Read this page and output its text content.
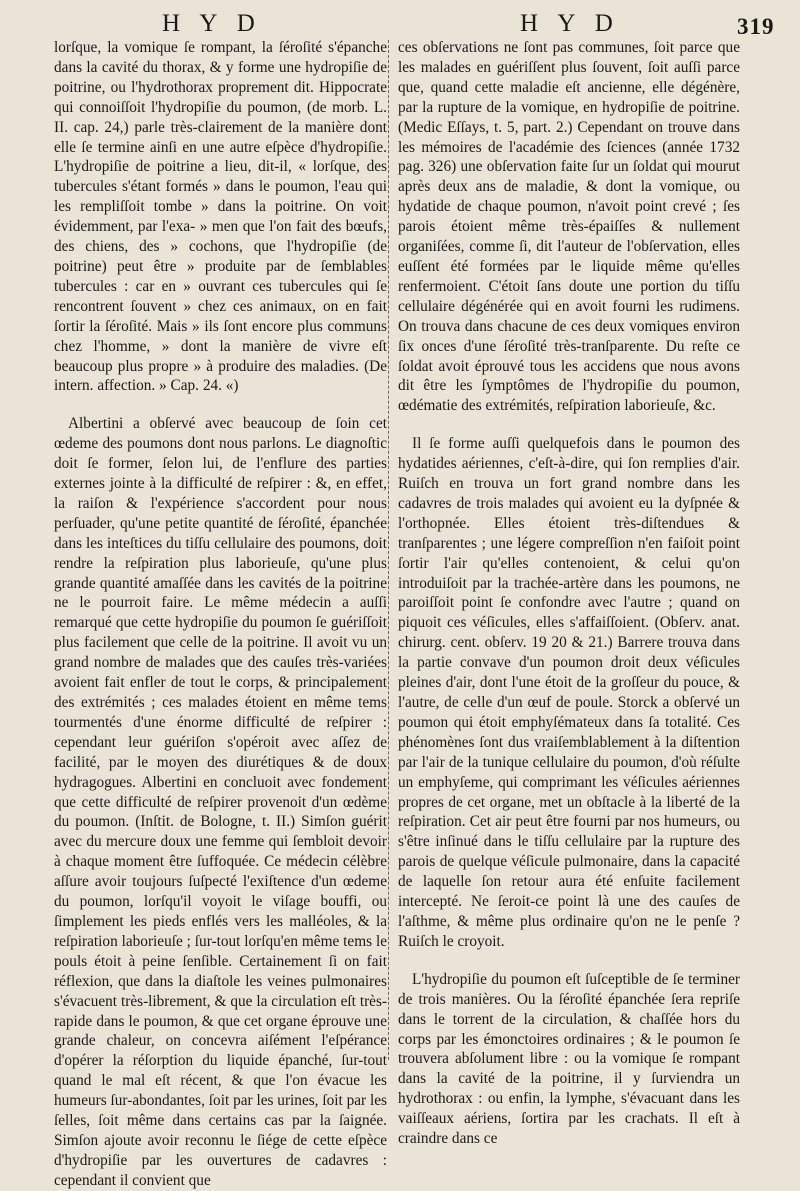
H Y D	H Y D	319

lorſque, la vomique ſe rompant, la ſéroſité s'épanche dans la cavité du thorax, & y forme une hydropiſie de poitrine, ou l'hydrothorax proprement dit. Hippocrate qui connoiſſoit l'hydropiſie du poumon, (de morb. L. II. cap. 24,) parle très-clairement de la manière dont elle ſe termine ainſi en une autre eſpèce d'hydropiſie. L'hydropiſie de poitrine a lieu, dit-il, « lorſque, des tubercules s'étant formés » dans le poumon, l'eau qui les rempliſſoit tombe » dans la poitrine. On voit évidemment, par l'exa- » men que l'on fait des bœufs, des chiens, des » cochons, que l'hydropiſie (de poitrine) peut être » produite par de ſemblables tubercules : car en » ouvrant ces tubercules qui ſe rencontrent ſouvent » chez ces animaux, on en fait ſortir la ſéroſité. Mais » ils ſont encore plus communs chez l'homme, » dont la manière de vivre eſt beaucoup plus propre » à produire des maladies. (De intern. affection. » Cap. 24. «)

Albertini a obſervé avec beaucoup de ſoin cet œdeme des poumons dont nous parlons. Le diagnoſtic doit ſe former, ſelon lui, de l'enflure des parties externes jointe à la difficulté de reſpirer : &, en effet, la raiſon & l'expérience s'accordent pour nous perſuader, qu'une petite quantité de ſéroſité, épanchée dans les inteſtices du tiſſu cellulaire des poumons, doit rendre la reſpiration plus laborieuſe, qu'une plus grande quantité amaſſée dans les cavités de la poitrine ne le pourroit faire. Le même médecin a auſſi remarqué que cette hydropiſie du poumon ſe guériſſoit plus facilement que celle de la poitrine. Il avoit vu un grand nombre de malades que des cauſes très-variées avoient fait enfler de tout le corps, & principalement des extrémités ; ces malades étoient en même tems tourmentés d'une énorme difficulté de reſpirer : cependant leur guériſon s'opéroit avec aſſez de facilité, par le moyen des diurétiques & de doux hydragogues. Albertini en concluoit avec fondement que cette difficulté de reſpirer provenoit d'un œdème du poumon. (Inſtit. de Bologne, t. II.) Simſon guérit avec du mercure doux une femme qui ſembloit devoir à chaque moment être ſuffoquée. Ce médecin célèbre aſſure avoir toujours ſuſpecté l'exiſtence d'un œdeme du poumon, lorſqu'il voyoit le viſage bouffi, ou ſimplement les pieds enflés vers les malléoles, & la reſpiration laborieuſe ; ſur-tout lorſqu'en même tems le pouls étoit à peine ſenſible. Certainement ſi on fait réflexion, que dans la diaſtole les veines pulmonaires s'évacuent très-librement, & que la circulation eſt très-rapide dans le poumon, & que cet organe éprouve une grande chaleur, on concevra aiſément l'eſpérance d'opérer la réſorption du liquide épanché, ſur-tout quand le mal eſt récent, & que l'on évacue les humeurs ſur-abondantes, ſoit par les urines, ſoit par les ſelles, ſoit même dans certains cas par la ſaignée. Simſon ajoute avoir reconnu le ſiége de cette eſpèce d'hydropiſie par les ouvertures de cadavres : cependant il convient que

ces obſervations ne ſont pas communes, ſoit parce que les malades en guériſſent plus ſouvent, ſoit auſſi parce que, quand cette maladie eſt ancienne, elle dégénère, par la rupture de la vomique, en hydropiſie de poitrine. (Medic Eſſays, t. 5, part. 2.) Cependant on trouve dans les mémoires de l'académie des ſciences (année 1732 pag. 326) une obſervation faite ſur un ſoldat qui mourut après deux ans de maladie, & dont la vomique, ou hydatide de chaque poumon, n'avoit point crevé ; ſes parois étoient même très-épaiſſes & nullement organiſées, comme ſi, dit l'auteur de l'obſervation, elles euſſent été formées par le liquide même qu'elles renfermoient. C'étoit ſans doute une portion du tiſſu cellulaire dégénérée qui en avoit fourni les rudimens. On trouva dans chacune de ces deux vomiques environ ſix onces d'une ſéroſité très-tranſparente. Du reſte ce ſoldat avoit éprouvé tous les accidens que nous avons dit être les ſymptômes de l'hydropiſie du poumon, œdématie des extrémités, reſpiration laborieuſe, &c.

Il ſe forme auſſi quelquefois dans le poumon des hydatides aériennes, c'eſt-à-dire, qui ſon remplies d'air. Ruiſch en trouva un fort grand nombre dans les cadavres de trois malades qui avoient eu la dyſpnée & l'orthopnée. Elles étoient très-diſtendues & tranſparentes ; une légere compreſſion n'en faiſoit point ſortir l'air qu'elles contenoient, & celui qu'on introduiſoit par la trachée-artère dans les poumons, ne paroiſſoit point ſe confondre avec l'autre ; quand on piquoit ces véſicules, elles s'affaiſſoient. (Obſerv. anat. chirurg. cent. obſerv. 19 20 & 21.) Barrere trouva dans la partie convave d'un poumon droit deux véſicules pleines d'air, dont l'une étoit de la groſſeur du pouce, & l'autre, de celle d'un œuf de poule. Storck a obſervé un poumon qui étoit emphyſémateux dans ſa totalité. Ces phénomènes ſont dus vraiſemblablement à la diſtention par l'air de la tunique cellulaire du poumon, d'où réſulte un emphyſeme, qui comprimant les véſicules aériennes propres de cet organe, met un obſtacle à la liberté de la reſpiration. Cet air peut être fourni par nos humeurs, ou s'être inſinué dans le tiſſu cellulaire par la rupture des parois de quelque véſicule pulmonaire, dans la capacité de laquelle ſon retour aura été enſuite facilement intercepté. Ne ſeroit-ce point là une des cauſes de l'aſthme, & même plus ordinaire qu'on ne le penſe ? Ruiſch le croyoit.

L'hydropiſie du poumon eſt ſuſceptible de ſe terminer de trois manières. Ou la ſéroſité épanchée ſera repriſe dans le torrent de la circulation, & chaſſée hors du corps par les émonctoires ordinaires ; & le poumon ſe trouvera abſolument libre : ou la vomique ſe rompant dans la cavité de la poitrine, il y ſurviendra un hydrothorax : ou enfin, la lymphe, s'évacuant dans les vaiſſeaux aériens, ſortira par les crachats. Il eſt à craindre dans ce
